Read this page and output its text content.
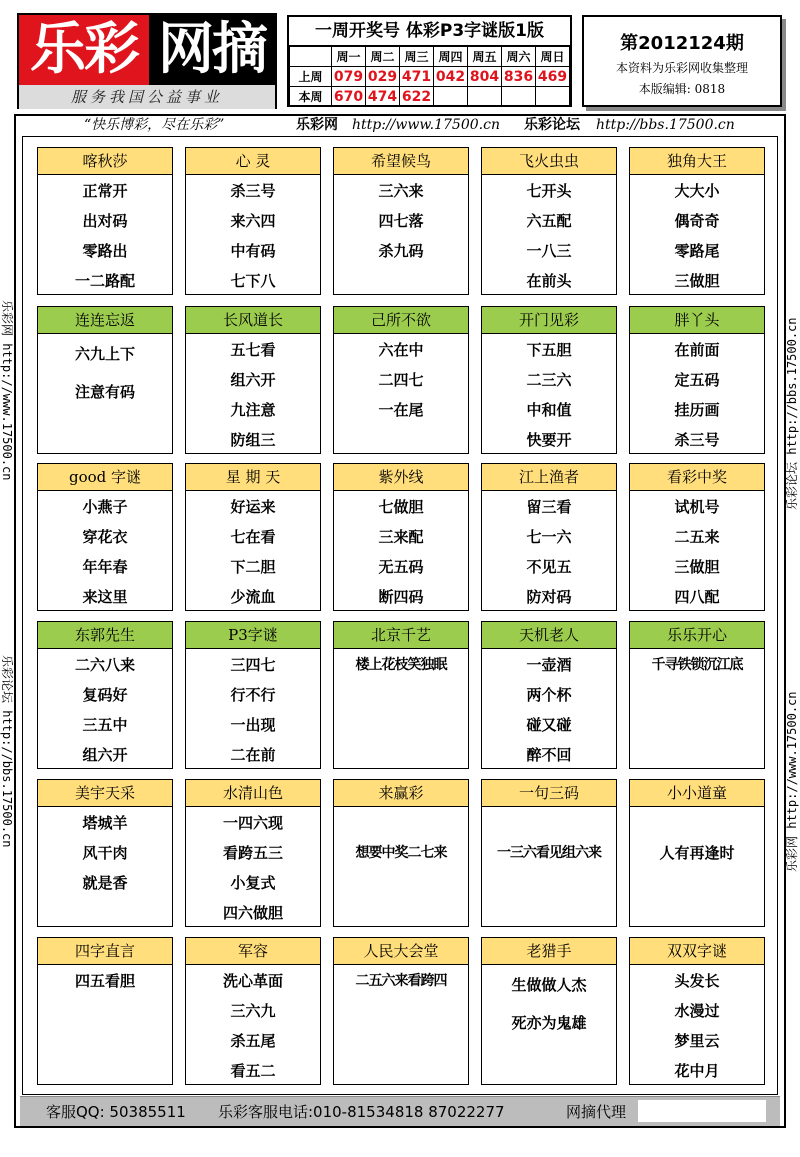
乐彩 网摘
服务我国公益事业
一周开奖号 体彩P3字谜版1版
	周一	周二	周三	周四	周五	周六	周日
上周	079	029	471	042	804	836	469
本周	670	474	622				
第2012124期
本资料为乐彩网收集整理
本版编辑: 0818
“快乐博彩，尽在乐彩”	乐彩网 http://www.17500.cn 乐彩论坛 http://bbs.17500.cn
乐彩网 http://www.17500.cn
乐彩论坛 http://bbs.17500.cn
乐彩论坛 http://bbs.17500.cn
乐彩网 http://www.17500.cn
喀秋莎
正常开
出对码
零路出
一二路配
心 灵
杀三号
来六四
中有码
七下八
希望候鸟
三六来
四七落
杀九码
飞火虫虫
七开头
六五配
一八三
在前头
独角大王
大大小
偶奇奇
零路尾
三做胆
连连忘返
六九上下
注意有码
长风道长
五七看
组六开
九注意
防组三
己所不欲
六在中
二四七
一在尾
开门见彩
下五胆
二三六
中和值
快要开
胖丫头
在前面
定五码
挂历画
杀三号
good 字谜
小燕子
穿花衣
年年春
来这里
星 期 天
好运来
七在看
下二胆
少流血
紫外线
七做胆
三来配
无五码
断四码
江上渔者
留三看
七一六
不见五
防对码
看彩中奖
试机号
二五来
三做胆
四八配
东郭先生
二六八来
复码好
三五中
组六开
P3字谜
三四七
行不行
一出现
二在前
北京千艺
楼上花枝笑独眠
天机老人
一壶酒
两个杯
碰又碰
醉不回
乐乐开心
千寻铁锁沉江底
美宇天采
塔城羊
风干肉
就是香
水清山色
一四六现
看跨五三
小复式
四六做胆
来赢彩
想要中奖二七来
一句三码
一三六看见组六来
小小道童
人有再逢时
四字直言
四五看胆
军容
洗心革面
三六九
杀五尾
看五二
人民大会堂
二五六来看跨四
老猎手
生做做人杰
死亦为鬼雄
双双字谜
头发长
水漫过
梦里云
花中月
客服QQ: 50385511 乐彩客服电话:010-81534818 87022277	网摘代理
